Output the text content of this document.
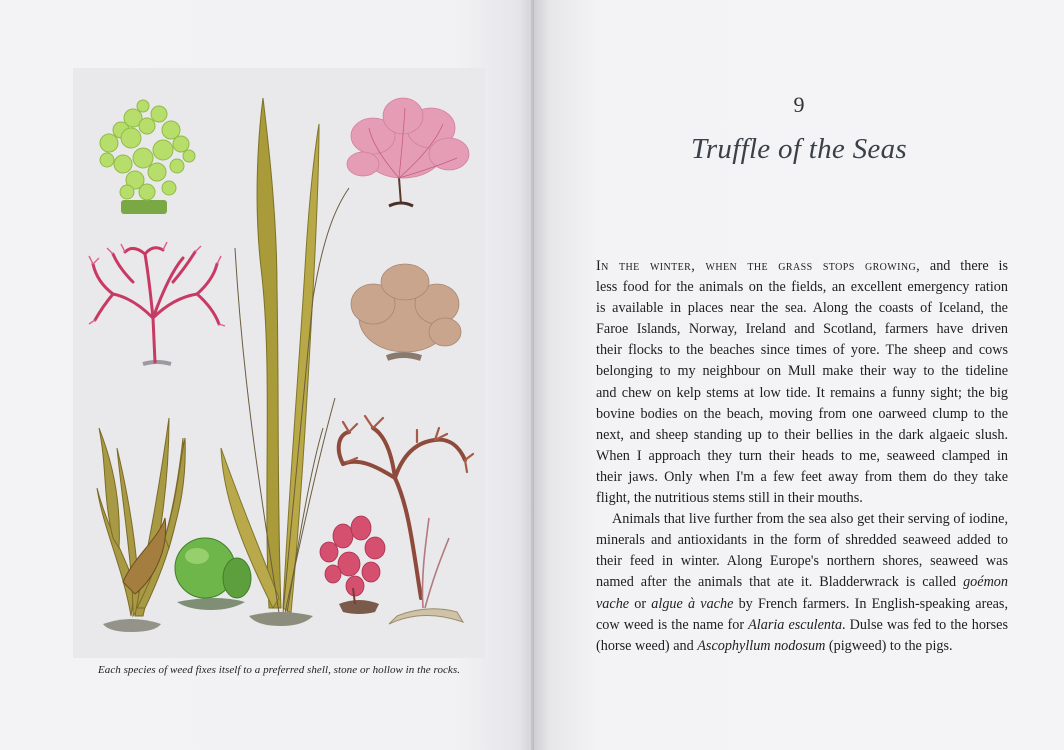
Each species of weed fixes itself to a preferred shell, stone or hollow in the rocks.
9
Truffle of the Seas

In the winter, when the grass stops growing, and there is
less food for the animals on the fields, an excellent emergency ration
is available in places near the sea. Along the coasts of Iceland, the
Faroe Islands, Norway, Ireland and Scotland, farmers have driven
their flocks to the beaches since times of yore. The sheep and cows
belonging to my neighbour on Mull make their way to the tideline
and chew on kelp stems at low tide. It remains a funny sight; the big
bovine bodies on the beach, moving from one oarweed clump to the
next, and sheep standing up to their bellies in the dark algaeic slush.
When I approach they turn their heads to me, seaweed clamped in
their jaws. Only when I'm a few feet away from them do they take
flight, the nutritious stems still in their mouths.

Animals that live further from the sea also get their serving of iodine,
minerals and antioxidants in the form of shredded seaweed added to
their feed in winter. Along Europe's northern shores, seaweed was
named after the animals that ate it. Bladderwrack is called goémon
vache or algue à vache by French farmers. In English-speaking areas,
cow weed is the name for Alaria esculenta. Dulse was fed to the horses
(horse weed) and Ascophyllum nodosum (pigweed) to the pigs.
